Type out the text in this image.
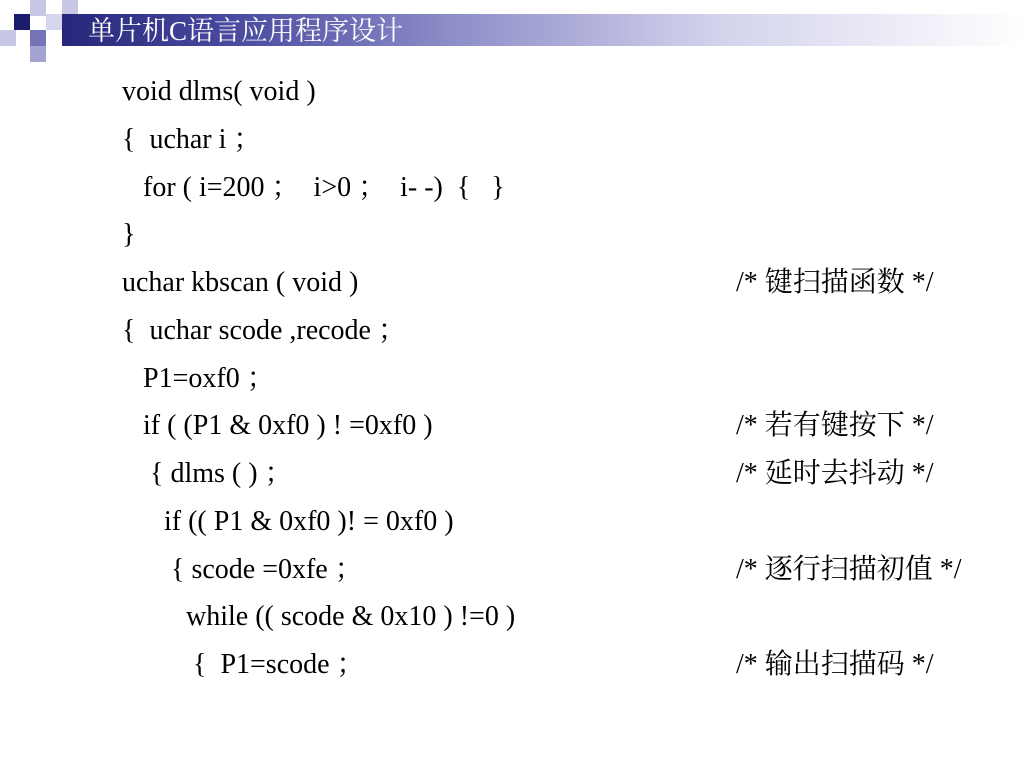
单片机C语言应用程序设计
void dlms( void )
{  uchar i ；
for ( i=200 ；  i>0 ；  i- -)  {   }
}
uchar kbscan ( void )	/* 键扫描函数 */
{  uchar scode ,recode ；
P1=oxf0 ；
if ( (P1 & 0xf0 ) ! =0xf0 )	/* 若有键按下 */
{ dlms ( ) ；	/* 延时去抖动 */
if (( P1 & 0xf0 )! = 0xf0 )
{ scode =0xfe ；	/* 逐行扫描初值 */
while (( scode & 0x10 ) !=0 )
{  P1=scode ；	/* 输出扫描码 */
